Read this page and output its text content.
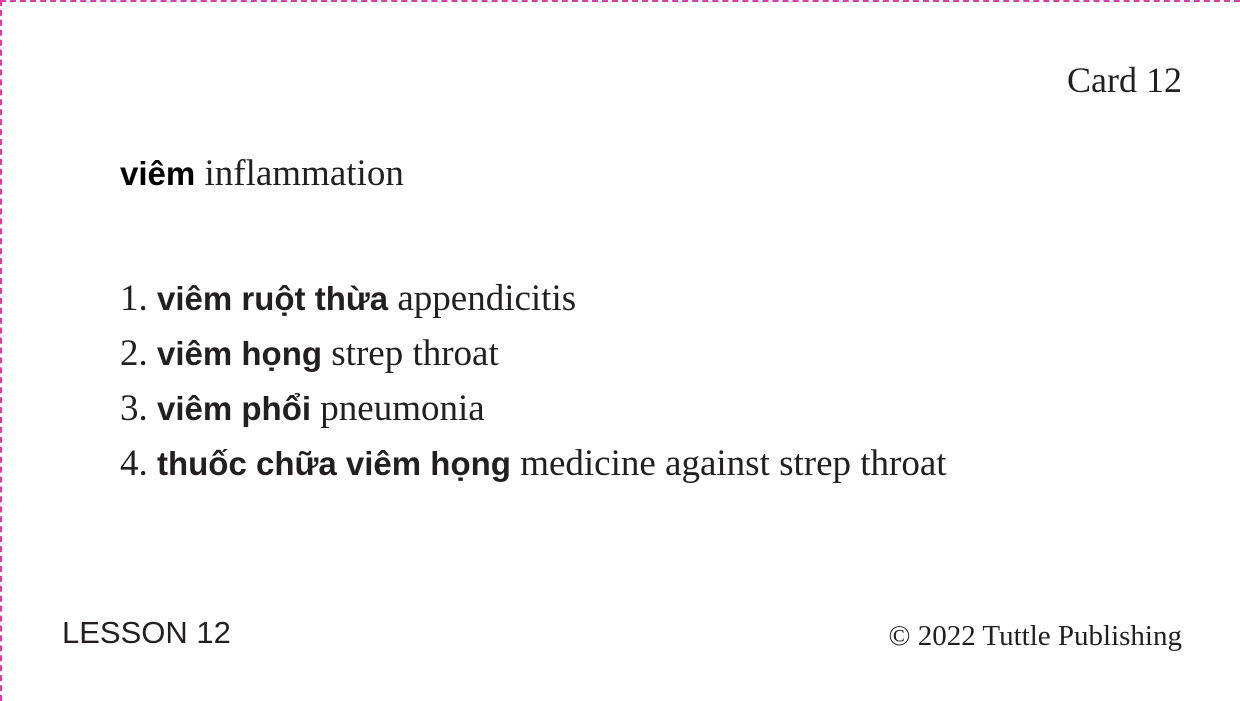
Card 12
viêm inflammation
1. viêm ruột thừa appendicitis
2. viêm họng strep throat
3. viêm phổi pneumonia
4. thuốc chữa viêm họng medicine against strep throat
LESSON 12	© 2022 Tuttle Publishing
